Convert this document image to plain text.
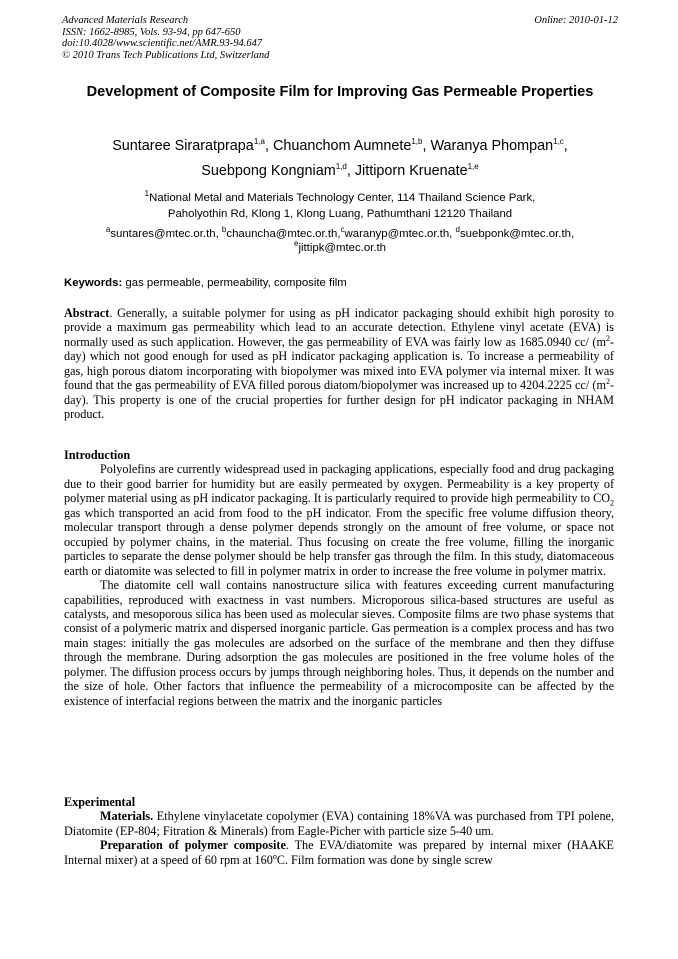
Advanced Materials Research
ISSN: 1662-8985, Vols. 93-94, pp 647-650
doi:10.4028/www.scientific.net/AMR.93-94.647
© 2010 Trans Tech Publications Ltd, Switzerland
Online: 2010-01-12
Development of Composite Film for Improving Gas Permeable Properties
Suntaree Siraratprapa$^{1,a}$, Chuanchom Aumnete$^{1,b}$, Waranya Phompan$^{1,c}$,
Suebpong Kongniam$^{1,d}$, Jittiporn Kruenate$^{1,e}$
$^1$National Metal and Materials Technology Center, 114 Thailand Science Park,
Paholyothin Rd, Klong 1, Klong Luang, Pathumthani 12120 Thailand
$^a$suntares@mtec.or.th, $^b$chauncha@mtec.or.th,$^c$waranyp@mtec.or.th, $^d$suebponk@mtec.or.th,
$^e$jittipk@mtec.or.th
Keywords: gas permeable, permeability, composite film

Abstract. Generally, a suitable polymer for using as pH indicator packaging should exhibit high porosity to provide a maximum gas permeability which lead to an accurate detection. Ethylene vinyl acetate (EVA) is normally used as such application. However, the gas permeability of EVA was fairly low as 1685.0940 cc/ $(m^2-day)$ which not good enough for used as pH indicator packaging application is. To increase a permeability of gas, high porous diatom incorporating with biopolymer was mixed into EVA polymer via internal mixer. It was found that the gas permeability of EVA filled porous diatom/biopolymer was increased up to 4204.2225 cc/ $(m^2-day)$. This property is one of the crucial properties for further design for pH indicator packaging in NHAM product.

Introduction

Polyolefins are currently widespread used in packaging applications, especially food and drug packaging due to their good barrier for humidity but are easily permeated by oxygen. Permeability is a key property of polymer material using as pH indicator packaging. It is particularly required to provide high permeability to $CO_2$ gas which transported an acid from food to the pH indicator. From the specific free volume diffusion theory, molecular transport through a dense polymer depends strongly on the amount of free volume, or space not occupied by polymer chains, in the material. Thus focusing on create the free volume, filling the inorganic particles to separate the dense polymer should be help transfer gas through the film. In this study, diatomaceous earth or diatomite was selected to fill in polymer matrix in order to increase the free volume in polymer matrix.

The diatomite cell wall contains nanostructure silica with features exceeding current manufacturing capabilities, reproduced with exactness in vast numbers. Microporous silica-based structures are useful as catalysts, and mesoporous silica has been used as molecular sieves. Composite films are two phase systems that consist of a polymeric matrix and dispersed inorganic particle. Gas permeation is a complex process and has two main stages: initially the gas molecules are adsorbed on the surface of the membrane and then they diffuse through the membrane. During adsorption the gas molecules are positioned in the free volume holes of the polymer. The diffusion process occurs by jumps through neighboring holes. Thus, it depends on the number and the size of hole. Other factors that influence the permeability of a microcomposite can be affected by the existence of interfacial regions between the matrix and the inorganic particles

Experimental

Materials. Ethylene vinylacetate copolymer (EVA) containing 18%VA was purchased from TPI polene, Diatomite (EP-804; Fitration & Minerals) from Eagle-Picher with particle size 5-40 um.

Preparation of polymer composite. The EVA/diatomite was prepared by internal mixer (HAAKE Internal mixer) at a speed of 60 rpm at 160$^o$C. Film formation was done by single screw
